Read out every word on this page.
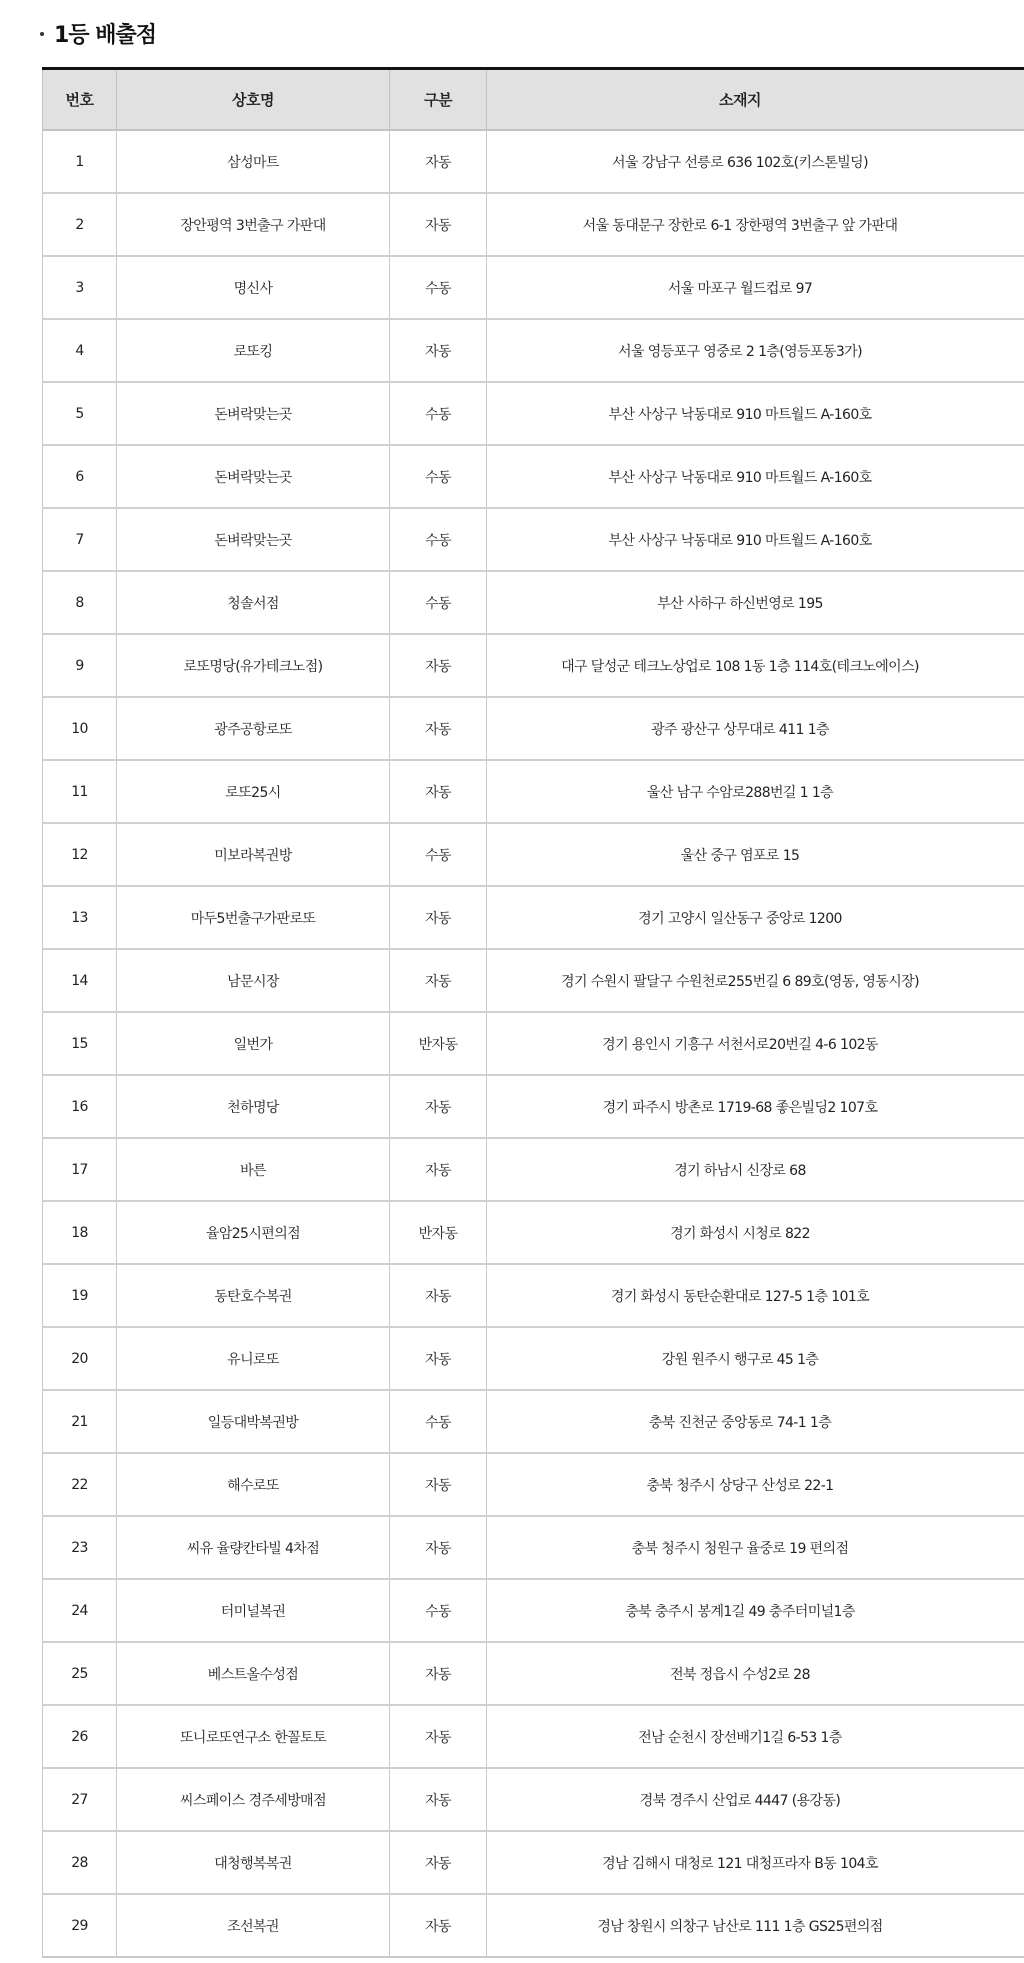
1등 배출점
번호	상호명	구분	소재지

1	삼성마트	자동	서울 강남구 선릉로 636 102호(키스톤빌딩)

2	장안평역 3번출구 가판대	자동	서울 동대문구 장한로 6-1 장한평역 3번출구 앞 가판대

3	명신사	수동	서울 마포구 월드컵로 97

4	로또킹	자동	서울 영등포구 영중로 2 1층(영등포동3가)

5	돈벼락맞는곳	수동	부산 사상구 낙동대로 910 마트월드 A-160호

6	돈벼락맞는곳	수동	부산 사상구 낙동대로 910 마트월드 A-160호

7	돈벼락맞는곳	수동	부산 사상구 낙동대로 910 마트월드 A-160호

8	청솔서점	수동	부산 사하구 하신번영로 195

9	로또명당(유가테크노점)	자동	대구 달성군 테크노상업로 108 1동 1층 114호(테크노에이스)

10	광주공항로또	자동	광주 광산구 상무대로 411 1층

11	로또25시	자동	울산 남구 수암로288번길 1 1층

12	미보라복권방	수동	울산 중구 염포로 15

13	마두5번출구가판로또	자동	경기 고양시 일산동구 중앙로 1200

14	남문시장	자동	경기 수원시 팔달구 수원천로255번길 6 89호(영동, 영동시장)

15	일번가	반자동	경기 용인시 기흥구 서천서로20번길 4-6 102동

16	천하명당	자동	경기 파주시 방촌로 1719-68 좋은빌딩2 107호

17	바른	자동	경기 하남시 신장로 68

18	율암25시편의점	반자동	경기 화성시 시청로 822

19	동탄호수복권	자동	경기 화성시 동탄순환대로 127-5 1층 101호

20	유니로또	자동	강원 원주시 행구로 45 1층

21	일등대박복권방	수동	충북 진천군 중앙동로 74-1 1층

22	해수로또	자동	충북 청주시 상당구 산성로 22-1

23	씨유 율량칸타빌 4차점	자동	충북 청주시 청원구 율중로 19 편의점

24	터미널복권	수동	충북 충주시 봉계1길 49 충주터미널1층

25	베스트올수성점	자동	전북 정읍시 수성2로 28

26	또니로또연구소 한꼴토토	자동	전남 순천시 장선배기1길 6-53 1층

27	씨스페이스 경주세방매점	자동	경북 경주시 산업로 4447 (용강동)

28	대청행복복권	자동	경남 김해시 대청로 121 대청프라자 B동 104호

29	조선복권	자동	경남 창원시 의창구 남산로 111 1층 GS25편의점
